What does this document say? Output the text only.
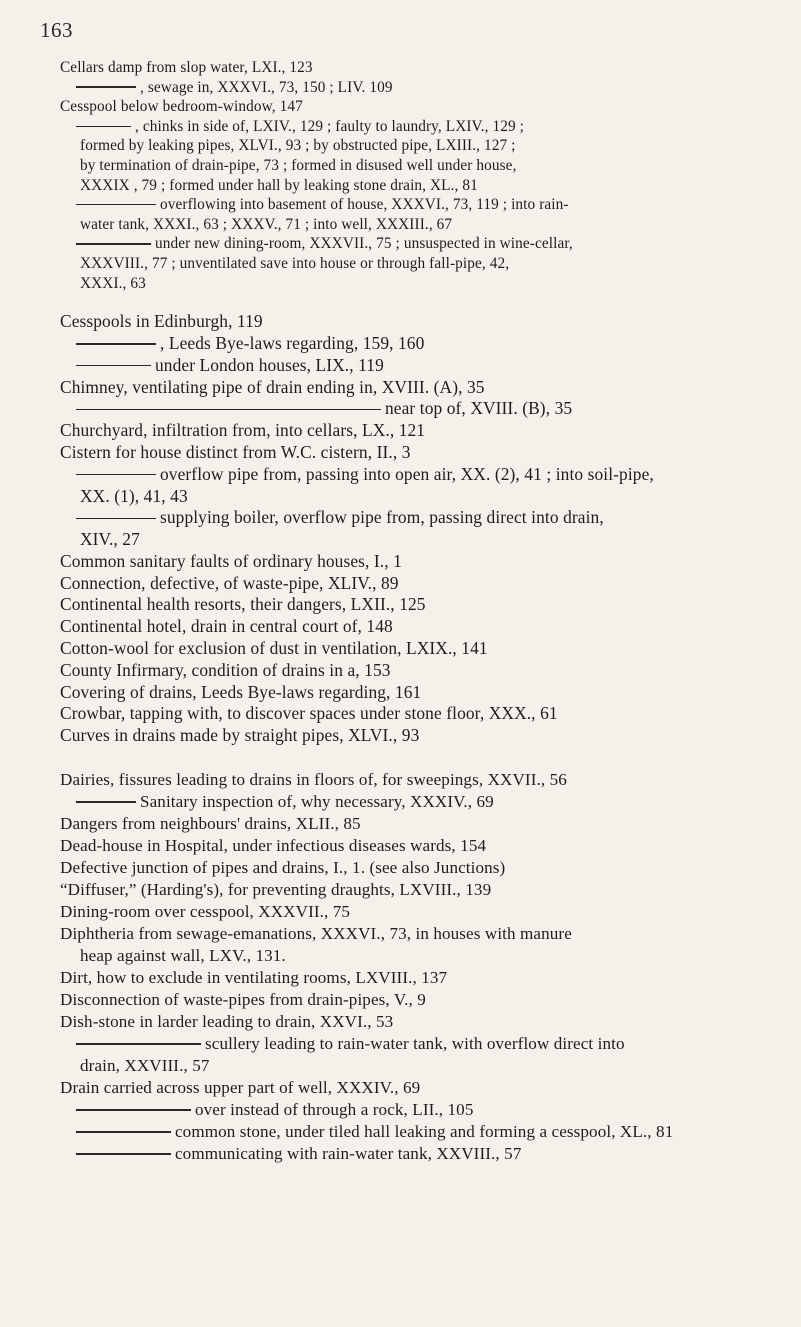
163
Cellars damp from slop water, LXI., 123
, sewage in, XXXVI., 73, 150 ; LIV. 109
Cesspool below bedroom-window, 147
, chinks in side of, LXIV., 129 ; faulty to laundry, LXIV., 129 ;
formed by leaking pipes, XLVI., 93 ; by obstructed pipe, LXIII., 127 ;
by termination of drain-pipe, 73 ; formed in disused well under house,
XXXIX , 79 ; formed under hall by leaking stone drain, XL., 81
overflowing into basement of house, XXXVI., 73, 119 ; into rain-
water tank, XXXI., 63 ; XXXV., 71 ; into well, XXXIII., 67
under new dining-room, XXXVII., 75 ; unsuspected in wine-cellar,
XXXVIII., 77 ; unventilated save into house or through fall-pipe, 42,
XXXI., 63
Cesspools in Edinburgh, 119
, Leeds Bye-laws regarding, 159, 160
under London houses, LIX., 119
Chimney, ventilating pipe of drain ending in, XVIII. (A), 35
near top of, XVIII. (B), 35
Churchyard, infiltration from, into cellars, LX., 121
Cistern for house distinct from W.C. cistern, II., 3
overflow pipe from, passing into open air, XX. (2), 41 ; into soil-pipe,
XX. (1), 41, 43
supplying boiler, overflow pipe from, passing direct into drain,
XIV., 27
Common sanitary faults of ordinary houses, I., 1
Connection, defective, of waste-pipe, XLIV., 89
Continental health resorts, their dangers, LXII., 125
Continental hotel, drain in central court of, 148
Cotton-wool for exclusion of dust in ventilation, LXIX., 141
County Infirmary, condition of drains in a, 153
Covering of drains, Leeds Bye-laws regarding, 161
Crowbar, tapping with, to discover spaces under stone floor, XXX., 61
Curves in drains made by straight pipes, XLVI., 93
Dairies, fissures leading to drains in floors of, for sweepings, XXVII., 56
Sanitary inspection of, why necessary, XXXIV., 69
Dangers from neighbours' drains, XLII., 85
Dead-house in Hospital, under infectious diseases wards, 154
Defective junction of pipes and drains, I., 1. (see also Junctions)
“Diffuser,” (Harding's), for preventing draughts, LXVIII., 139
Dining-room over cesspool, XXXVII., 75
Diphtheria from sewage-emanations, XXXVI., 73, in houses with manure
heap against wall, LXV., 131.
Dirt, how to exclude in ventilating rooms, LXVIII., 137
Disconnection of waste-pipes from drain-pipes, V., 9
Dish-stone in larder leading to drain, XXVI., 53
scullery leading to rain-water tank, with overflow direct into
drain, XXVIII., 57
Drain carried across upper part of well, XXXIV., 69
over instead of through a rock, LII., 105
common stone, under tiled hall leaking and forming a cesspool, XL., 81
communicating with rain-water tank, XXVIII., 57
